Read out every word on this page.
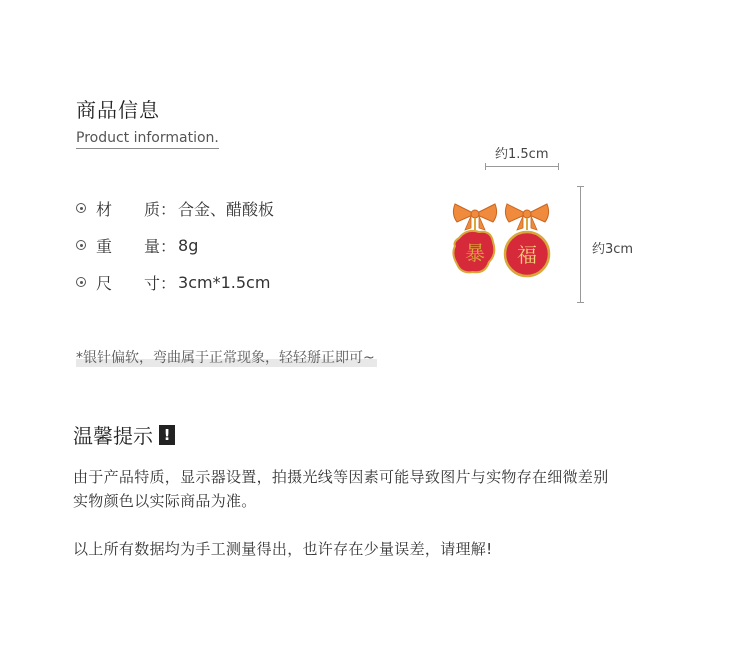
商品信息
Product information.
材 质 ： 合金、醋酸板
重 量 ： 8g
尺 寸 ： 3cm*1.5cm
约1.5cm
约3cm
暴 福
*银针偏软，弯曲属于正常现象，轻轻掰正即可~
温馨提示 !
由于产品特质，显示器设置，拍摄光线等因素可能导致图片与实物存在细微差别
实物颜色以实际商品为准。
以上所有数据均为手工测量得出，也许存在少量误差，请理解!
